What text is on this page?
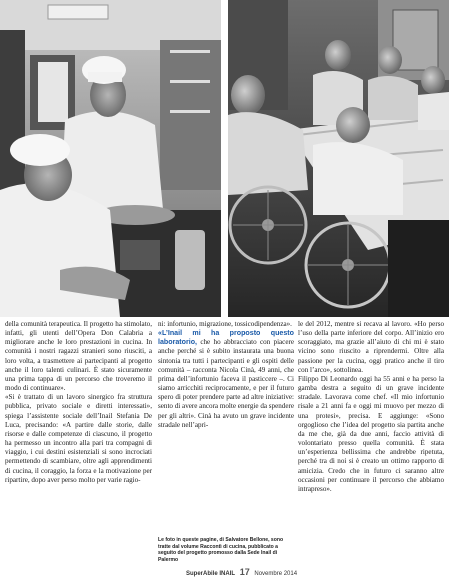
della comunità terapeutica. Il progetto ha stimolato, infatti, gli utenti dell’Opera Don Calabria a migliorare anche le loro prestazioni in cucina. In comunità i nostri ragazzi stranieri sono riusciti, a loro volta, a trasmettere ai partecipanti al progetto anche il loro talenti culinari. È stato sicuramente una prima tappa di un percorso che troveremo il modo di continuare».

«Si è trattato di un lavoro sinergico fra struttura pubblica, privato sociale e diretti interessati», spiega l’assistente sociale dell’Inail Stefania De Luca, precisando: «A partire dalle storie, dalle risorse e dalle competenze di ciascuno, il progetto ha permesso un incontro alla pari tra compagni di viaggio, i cui destini esistenziali si sono incrociati permettendo di scambiare, oltre agli apprendimenti di cucina, il coraggio, la forza e la motivazione per ripartire, dopo aver perso molto per varie ragio-

ni: infortunio, migrazione, tossicodipendenza».

«L’Inail mi ha proposto questo laboratorio, che ho abbracciato con piacere anche perché si è subito instaurata una buona sintonia tra tutti i partecipanti e gli ospiti delle comunità – racconta Nicola Cinà, 49 anni, che prima dell’infortunio faceva il pasticcere –. Ci siamo arricchiti reciprocamente, e per il futuro spero di poter prendere parte ad altre iniziative: sento di avere ancora molte energie da spendere per gli altri». Cinà ha avuto un grave incidente stradale nell’apri-

Le foto in queste pagine, di Salvatore Bellone, sono tratte dal volume Raccontì di cucina, pubblicato a seguito del progetto promosso dalla Sede Inail di Palermo

le del 2012, mentre si recava al lavoro. «Ho perso l’uso della parte inferiore del corpo. All’inizio ero scoraggiato, ma grazie all’aiuto di chi mi è stato vicino sono riuscito a riprendermi. Oltre alla passione per la cucina, oggi pratico anche il tiro con l’arco», sottolinea.

Filippo Di Leonardo oggi ha 55 anni e ha perso la gamba destra a seguito di un grave incidente stradale. Lavorava come chef. «Il mio infortunio risale a 21 anni fa e oggi mi muovo per mezzo di una protesi», precisa. E aggiunge: «Sono orgoglioso che l’idea del progetto sia partita anche da me che, già da due anni, faccio attività di volontariato presso quella comunità. È stata un’esperienza bellissima che andrebbe ripetuta, perché tra di noi si è creato un ottimo rapporto di amicizia. Credo che in futuro ci saranno altre occasioni per continuare il percorso che abbiamo intrapreso».

SuperAbile INAIL 17 Novembre 2014
